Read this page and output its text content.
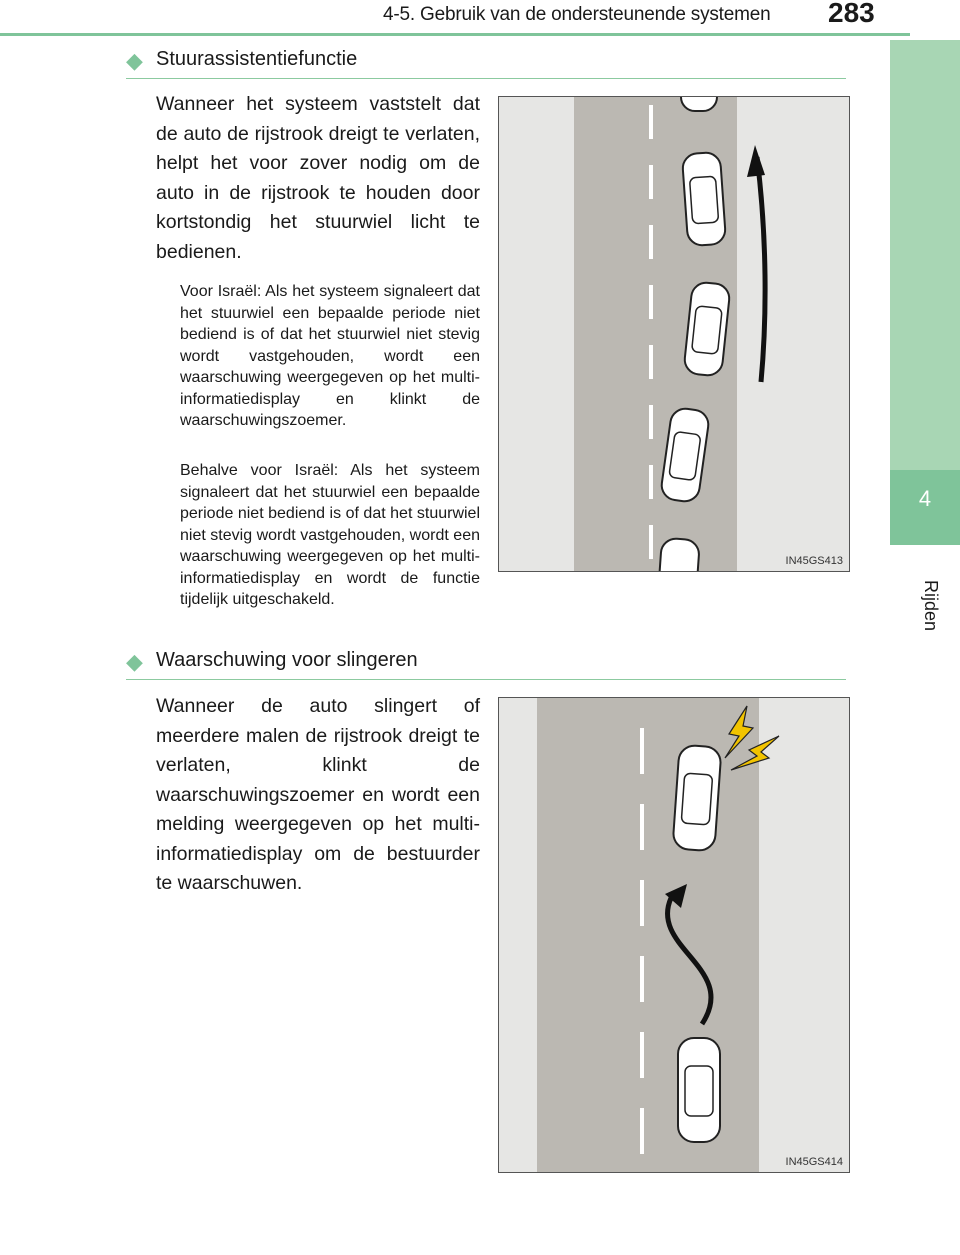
4-5. Gebruik van de ondersteunende systemen	283
4
Rijden
◆ Stuurassistentiefunctie
Wanneer het systeem vaststelt dat de auto de rijstrook dreigt te verlaten, helpt het voor zover nodig om de auto in de rijstrook te houden door kortstondig het stuurwiel licht te bedienen.
Voor Israël: Als het systeem signaleert dat het stuurwiel een bepaalde periode niet bediend is of dat het stuurwiel niet stevig wordt vastgehouden, wordt een waarschuwing weergegeven op het multi-informatiedisplay en klinkt de waarschuwingszoemer.
Behalve voor Israël: Als het systeem signaleert dat het stuurwiel een bepaalde periode niet bediend is of dat het stuurwiel niet stevig wordt vastgehouden, wordt een waarschuwing weergegeven op het multi-informatiedisplay en wordt de functie tijdelijk uitgeschakeld.
IN45GS413
◆ Waarschuwing voor slingeren
Wanneer de auto slingert of meerdere malen de rijstrook dreigt te verlaten, klinkt de waarschuwingszoemer en wordt een melding weergegeven op het multi-informatiedisplay om de bestuurder te waarschuwen.
IN45GS414
